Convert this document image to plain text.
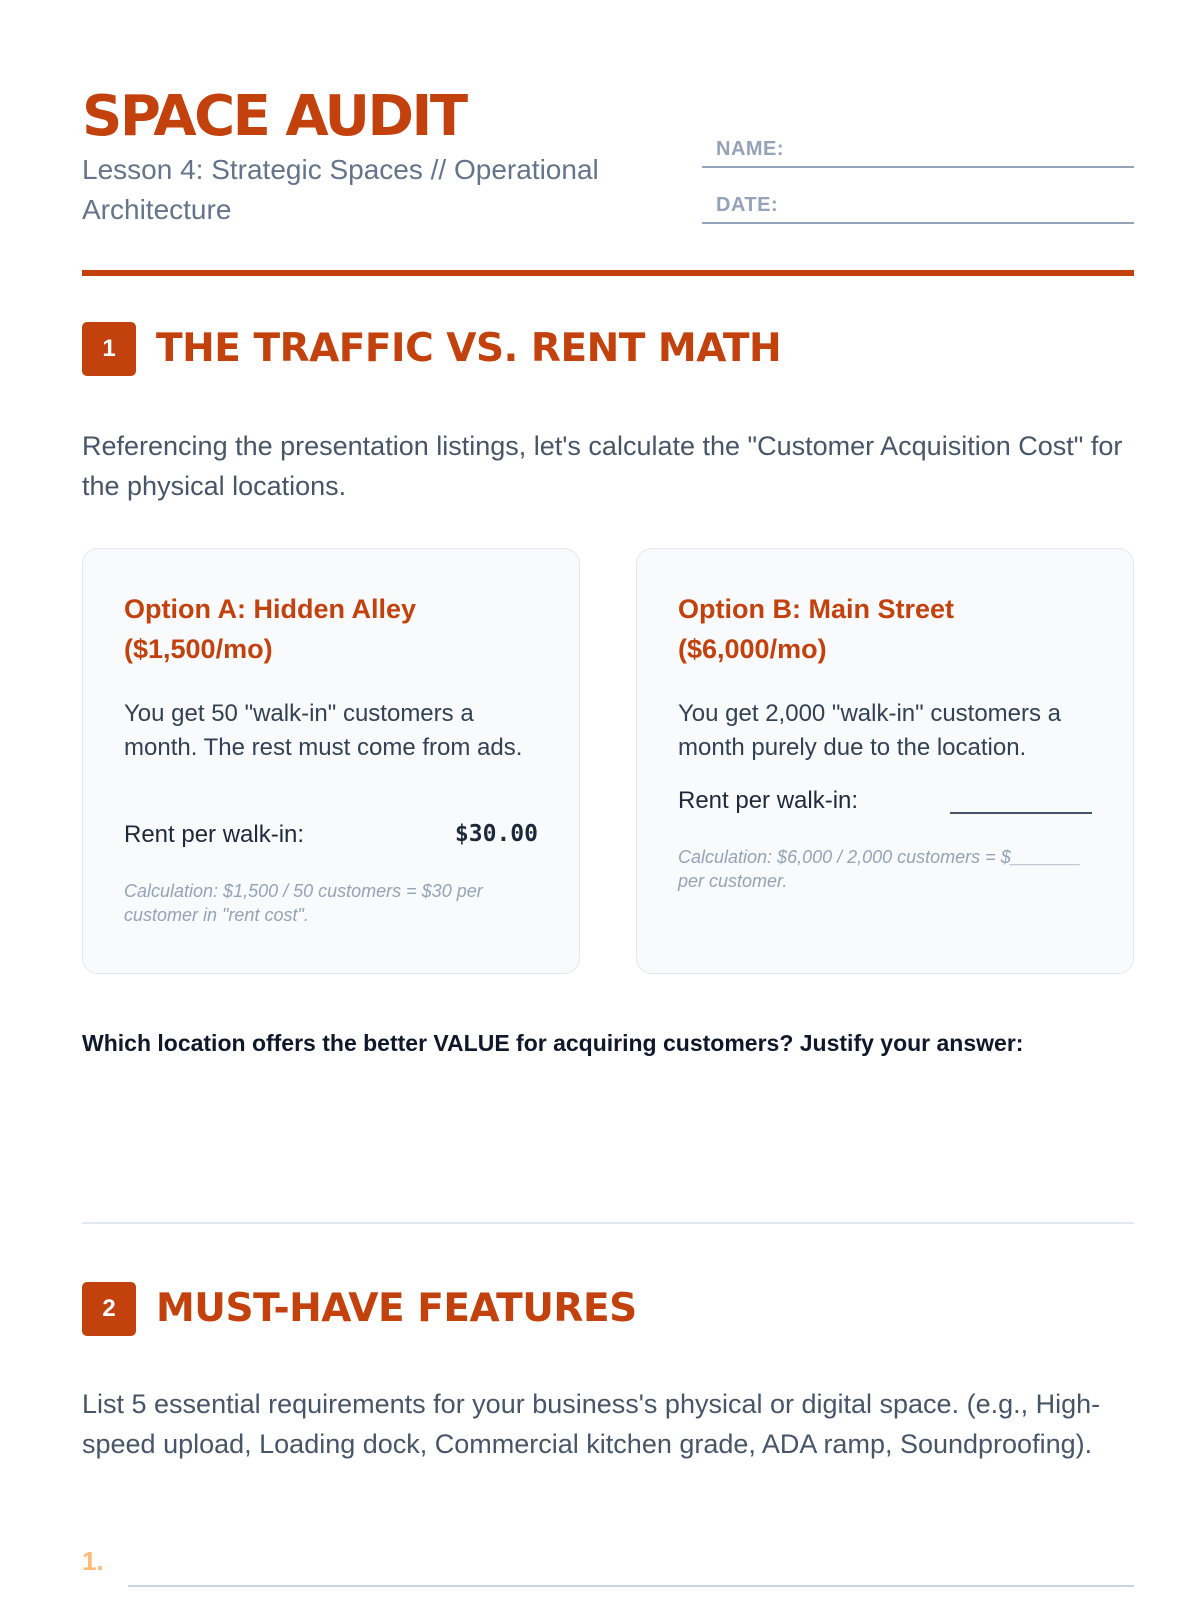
SPACE AUDIT
Lesson 4: Strategic Spaces // Operational Architecture
NAME:
DATE:
1	THE TRAFFIC VS. RENT MATH
Referencing the presentation listings, let's calculate the "Customer Acquisition Cost" for the physical locations.
Option A: Hidden Alley ($1,500/mo)
You get 50 "walk-in" customers a month. The rest must come from ads.
Rent per walk-in:	$30.00
Calculation: $1,500 / 50 customers = $30 per customer in "rent cost".
Option B: Main Street ($6,000/mo)
You get 2,000 "walk-in" customers a month purely due to the location.
Rent per walk-in:
Calculation: $6,000 / 2,000 customers = $_______ per customer.
Which location offers the better VALUE for acquiring customers? Justify your answer:
2	MUST-HAVE FEATURES
List 5 essential requirements for your business's physical or digital space. (e.g., High-speed upload, Loading dock, Commercial kitchen grade, ADA ramp, Soundproofing).
1.
